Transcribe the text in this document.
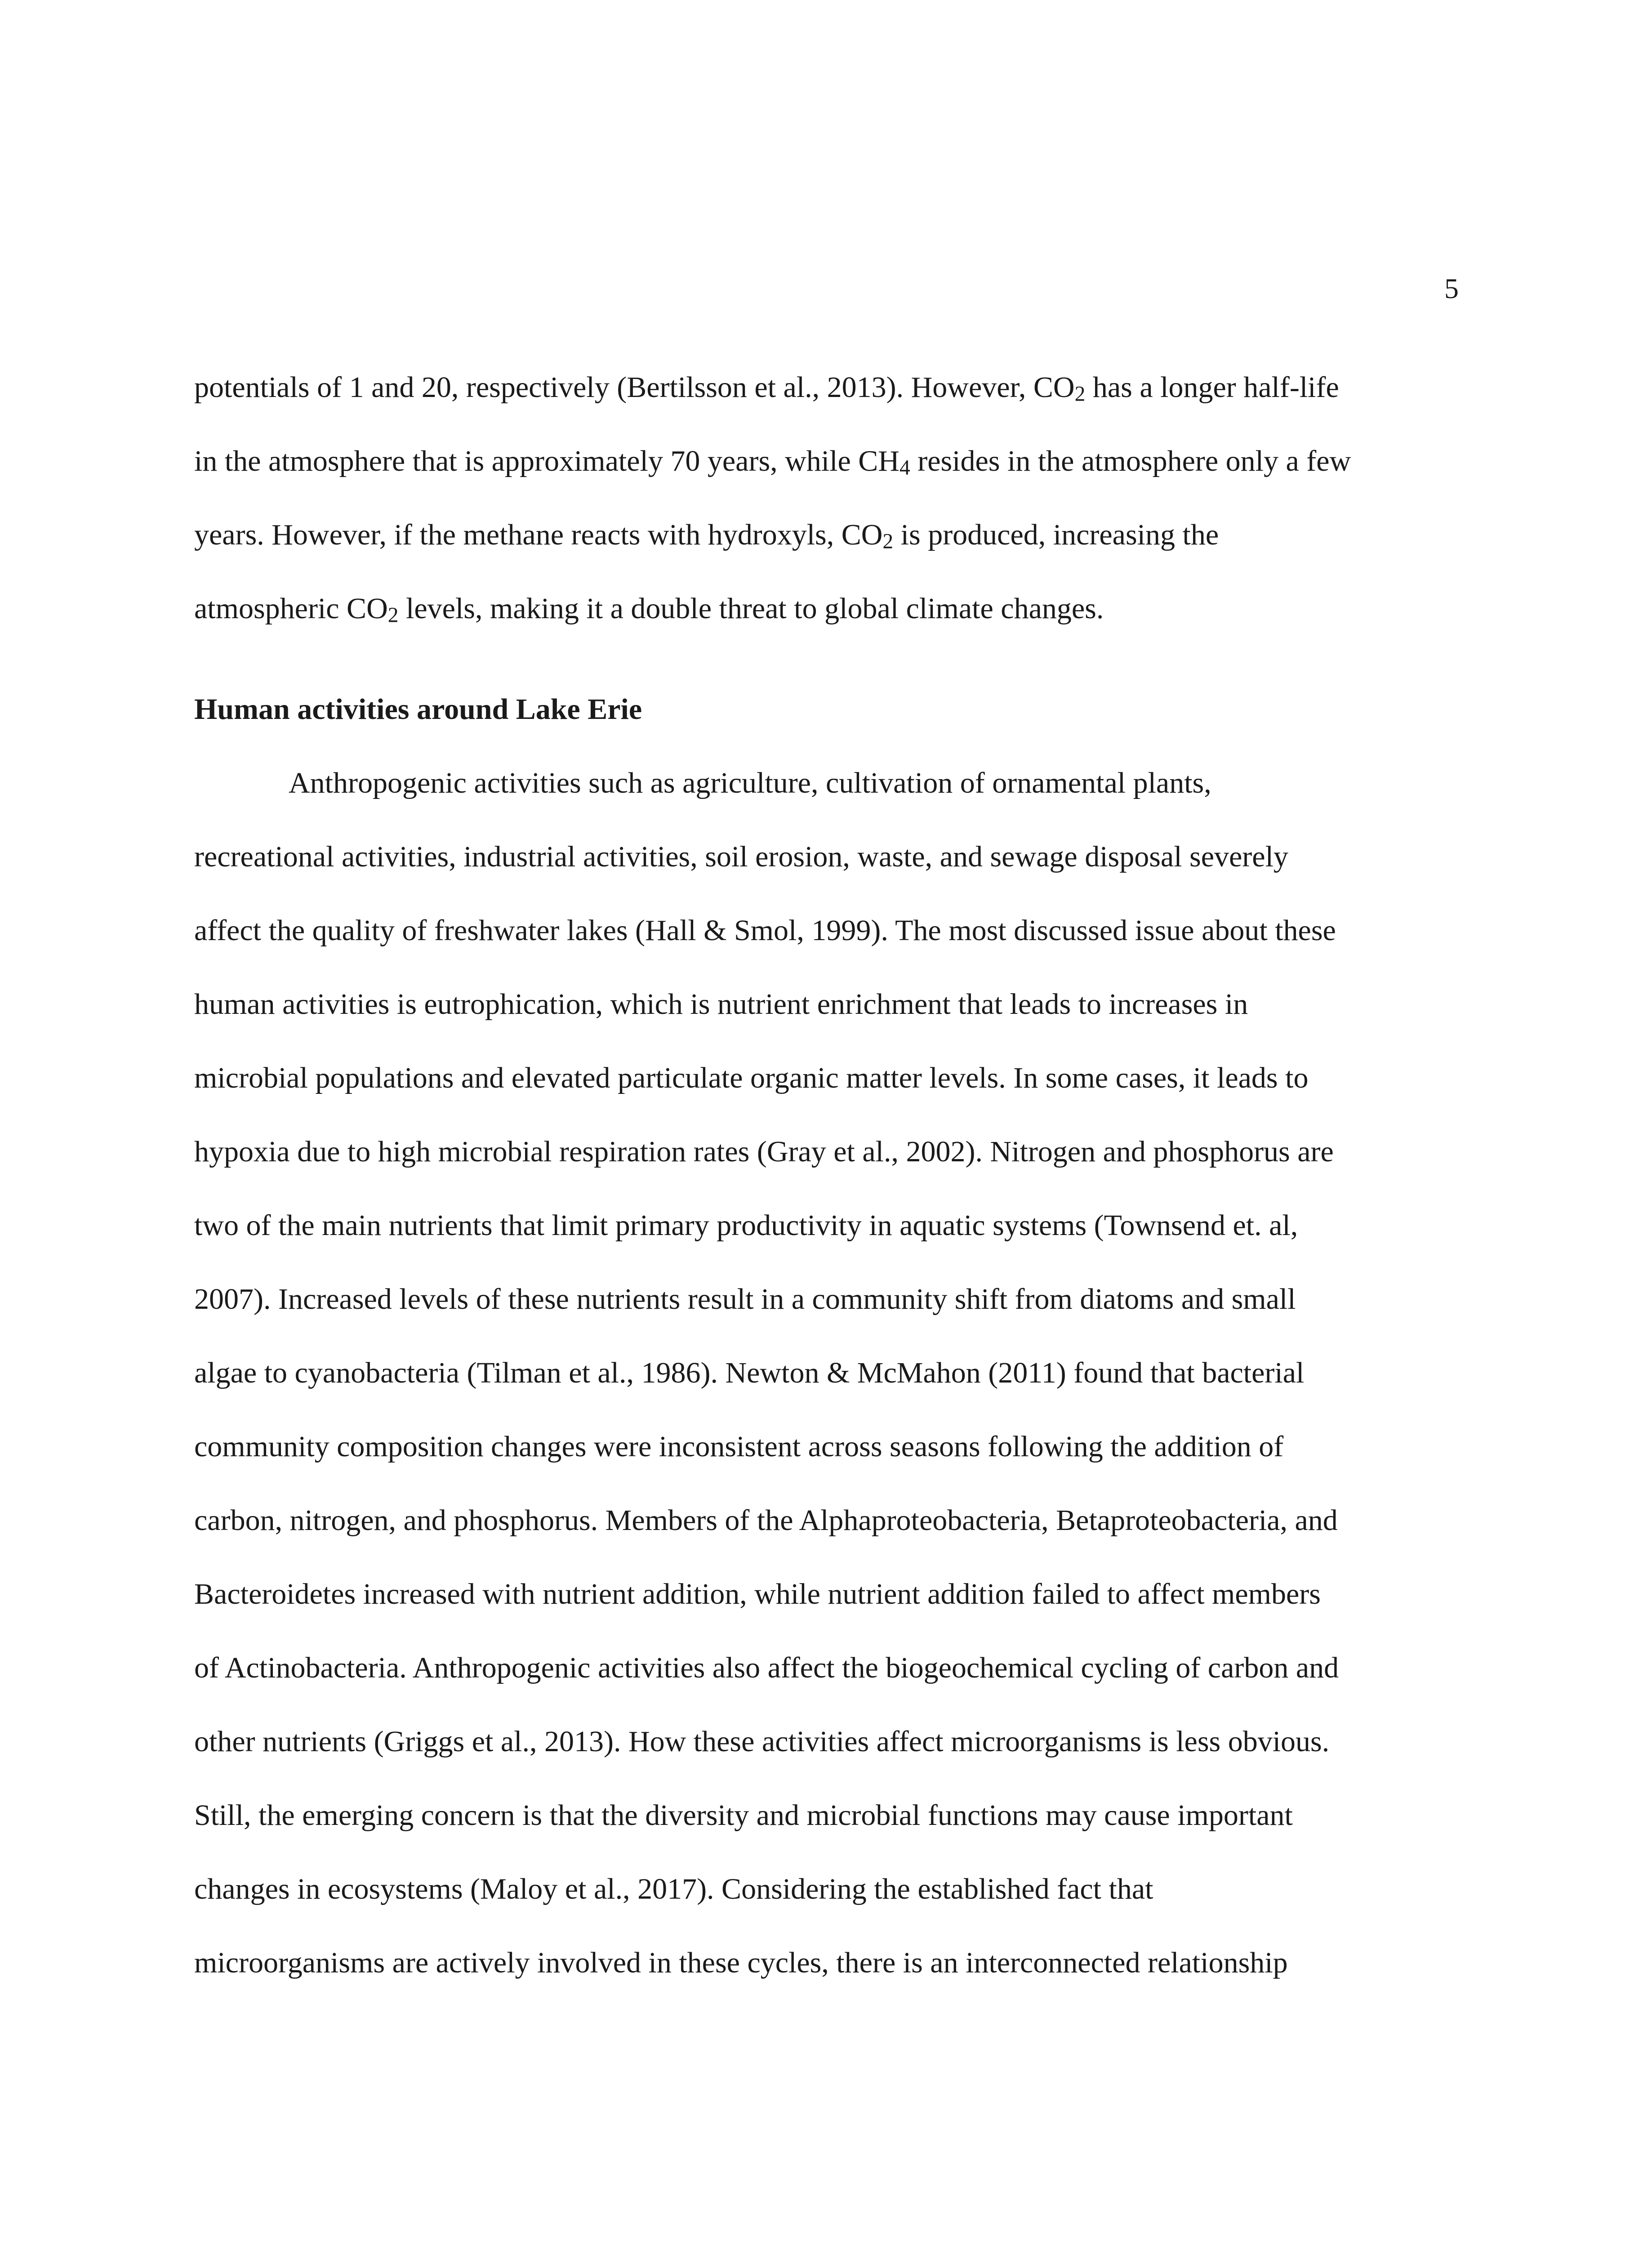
5
potentials of 1 and 20, respectively (Bertilsson et al., 2013). However, CO2 has a longer half-life
in the atmosphere that is approximately 70 years, while CH4 resides in the atmosphere only a few
years. However, if the methane reacts with hydroxyls, CO2 is produced, increasing the
atmospheric CO2 levels, making it a double threat to global climate changes.
Human activities around Lake Erie
Anthropogenic activities such as agriculture, cultivation of ornamental plants,
recreational activities, industrial activities, soil erosion, waste, and sewage disposal severely
affect the quality of freshwater lakes (Hall & Smol, 1999). The most discussed issue about these
human activities is eutrophication, which is nutrient enrichment that leads to increases in
microbial populations and elevated particulate organic matter levels. In some cases, it leads to
hypoxia due to high microbial respiration rates (Gray et al., 2002). Nitrogen and phosphorus are
two of the main nutrients that limit primary productivity in aquatic systems (Townsend et. al,
2007). Increased levels of these nutrients result in a community shift from diatoms and small
algae to cyanobacteria (Tilman et al., 1986). Newton & McMahon (2011) found that bacterial
community composition changes were inconsistent across seasons following the addition of
carbon, nitrogen, and phosphorus. Members of the Alphaproteobacteria, Betaproteobacteria, and
Bacteroidetes increased with nutrient addition, while nutrient addition failed to affect members
of Actinobacteria. Anthropogenic activities also affect the biogeochemical cycling of carbon and
other nutrients (Griggs et al., 2013). How these activities affect microorganisms is less obvious.
Still, the emerging concern is that the diversity and microbial functions may cause important
changes in ecosystems (Maloy et al., 2017). Considering the established fact that
microorganisms are actively involved in these cycles, there is an interconnected relationship
